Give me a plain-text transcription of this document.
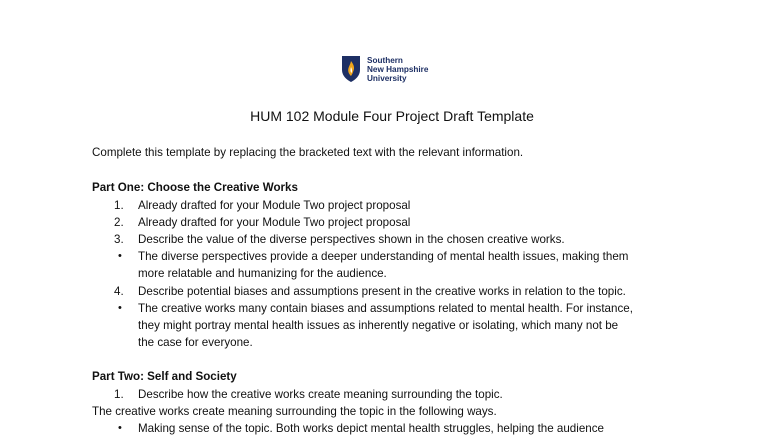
Southern
New Hampshire
University
HUM 102 Module Four Project Draft Template
Complete this template by replacing the bracketed text with the relevant information.
Part One: Choose the Creative Works
1. Already drafted for your Module Two project proposal
2. Already drafted for your Module Two project proposal
3. Describe the value of the diverse perspectives shown in the chosen creative works.
• The diverse perspectives provide a deeper understanding of mental health issues, making them
more relatable and humanizing for the audience.
4. Describe potential biases and assumptions present in the creative works in relation to the topic.
• The creative works many contain biases and assumptions related to mental health. For instance,
they might portray mental health issues as inherently negative or isolating, which many not be
the case for everyone.
Part Two: Self and Society
1. Describe how the creative works create meaning surrounding the topic.
The creative works create meaning surrounding the topic in the following ways.
• Making sense of the topic. Both works depict mental health struggles, helping the audience
